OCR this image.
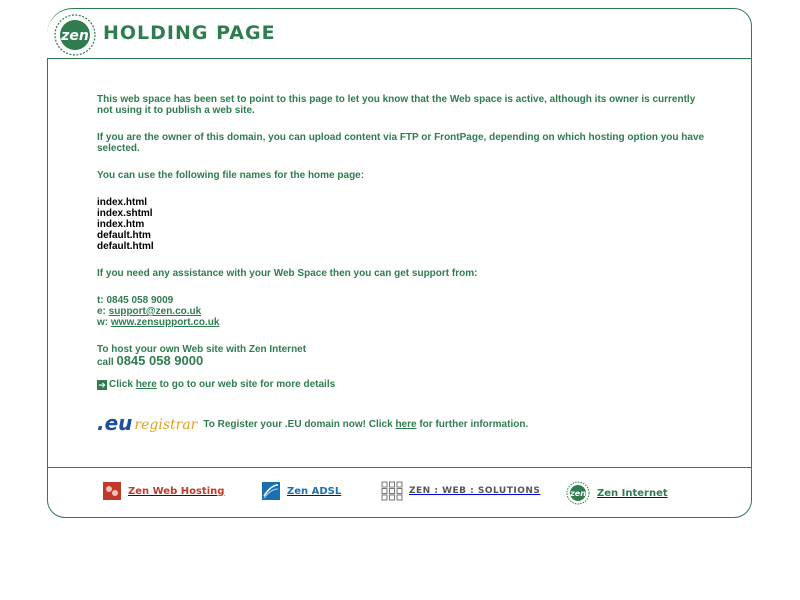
zen HOLDING PAGE

This web space has been set to point to this page to let you know that the Web space is active, although its owner is currently not using it to publish a web site.

If you are the owner of this domain, you can upload content via FTP or FrontPage, depending on which hosting option you have selected.

You can use the following file names for the home page:

index.html
index.shtml
index.htm
default.htm
default.html

If you need any assistance with your Web Space then you can get support from:

t: 0845 058 9009
e: support@zen.co.uk
w: www.zensupport.co.uk
To host your own Web site with Zen Internet
call 0845 058 9000
➔ Click here to go to our web site for more details
.eu registrar To Register your .EU domain now! Click here for further information.
Zen Web Hosting	Zen ADSL	ZEN : WEB : SOLUTIONS	zen Zen Internet
